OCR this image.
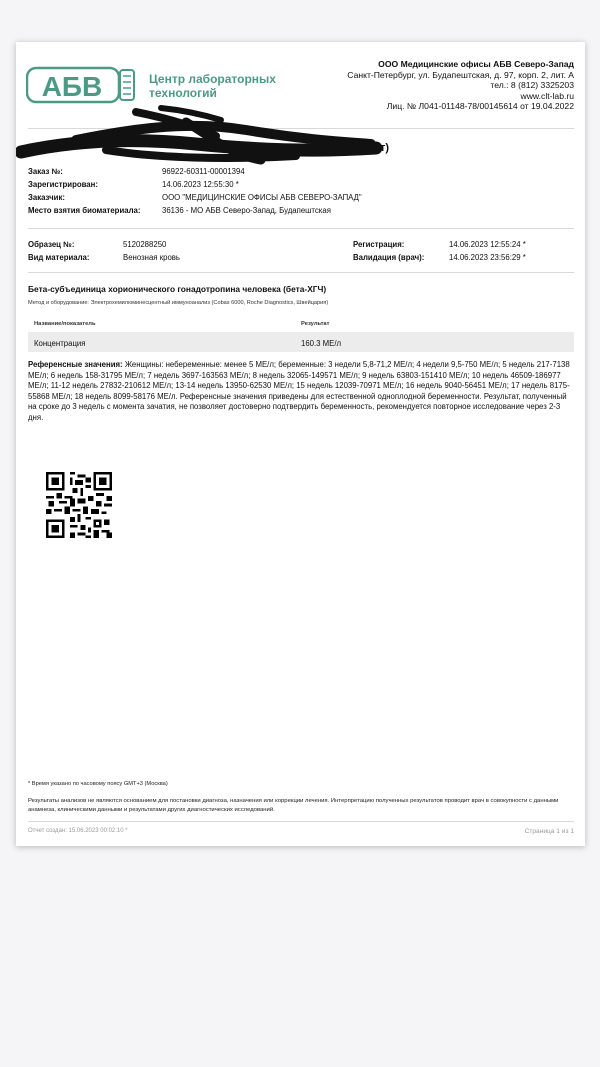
АБВ	Центр лабораторных
технологий
ООО Медицинские офисы АБВ Северо-Запад
Санкт-Петербург, ул. Будапештская, д. 97, корп. 2, лит. А
тел.: 8 (812) 3325203
www.clt-lab.ru
Лиц. № Л041-01148-78/00145614 от 19.04.2022
П	ет)
Заказ №:	96922-60311-00001394
Зарегистрирован:	14.06.2023 12:55:30 *
Заказчик:	ООО "МЕДИЦИНСКИЕ ОФИСЫ АБВ СЕВЕРО-ЗАПАД"
Место взятия биоматериала:	36136 - МО АБВ Северо-Запад, Будапештская
Образец №:	5120288250
Вид материала:	Венозная кровь
Регистрация:	14.06.2023 12:55:24 *
Валидация (врач):	14.06.2023 23:56:29 *
Бета-субъединица хорионического гонадотропина человека (бета-ХГЧ)
Метод и оборудование: Электрохемилюминесцентный иммуноанализ (Cobas 6000, Roche Diagnostics, Швейцария)
Название/показатель	Результат
Концентрация	160.3 МЕ/л
Референсные значения: Женщины: небеременные: менее 5 МЕ/л; беременные: 3 недели 5,8-71,2 МЕ/л; 4 недели 9,5-750 МЕ/л; 5 недель 217-7138 МЕ/л; 6 недель 158-31795 МЕ/л; 7 недель 3697-163563 МЕ/л; 8 недель 32065-149571 МЕ/л; 9 недель 63803-151410 МЕ/л; 10 недель 46509-186977 МЕ/л; 11-12 недель 27832-210612 МЕ/л; 13-14 недель 13950-62530 МЕ/л; 15 недель 12039-70971 МЕ/л; 16 недель 9040-56451 МЕ/л; 17 недель 8175-55868 МЕ/л; 18 недель 8099-58176 МЕ/л. Референсные значения приведены для естественной одноплодной беременности. Результат, полученный на сроке до 3 недель с момента зачатия, не позволяет достоверно подтвердить беременность, рекомендуется повторное исследование через 2-3 дня.
* Время указано по часовому поясу GMT+3 (Москва)
Результаты анализов не являются основанием для постановки диагноза, назначения или коррекции лечения. Интерпретацию полученных результатов проводит врач в совокупности с данными анамнеза, клиническими данными и результатами других диагностических исследований.
Отчет создан: 15.06.2023 00:02:10 *	Страница 1 из 1
